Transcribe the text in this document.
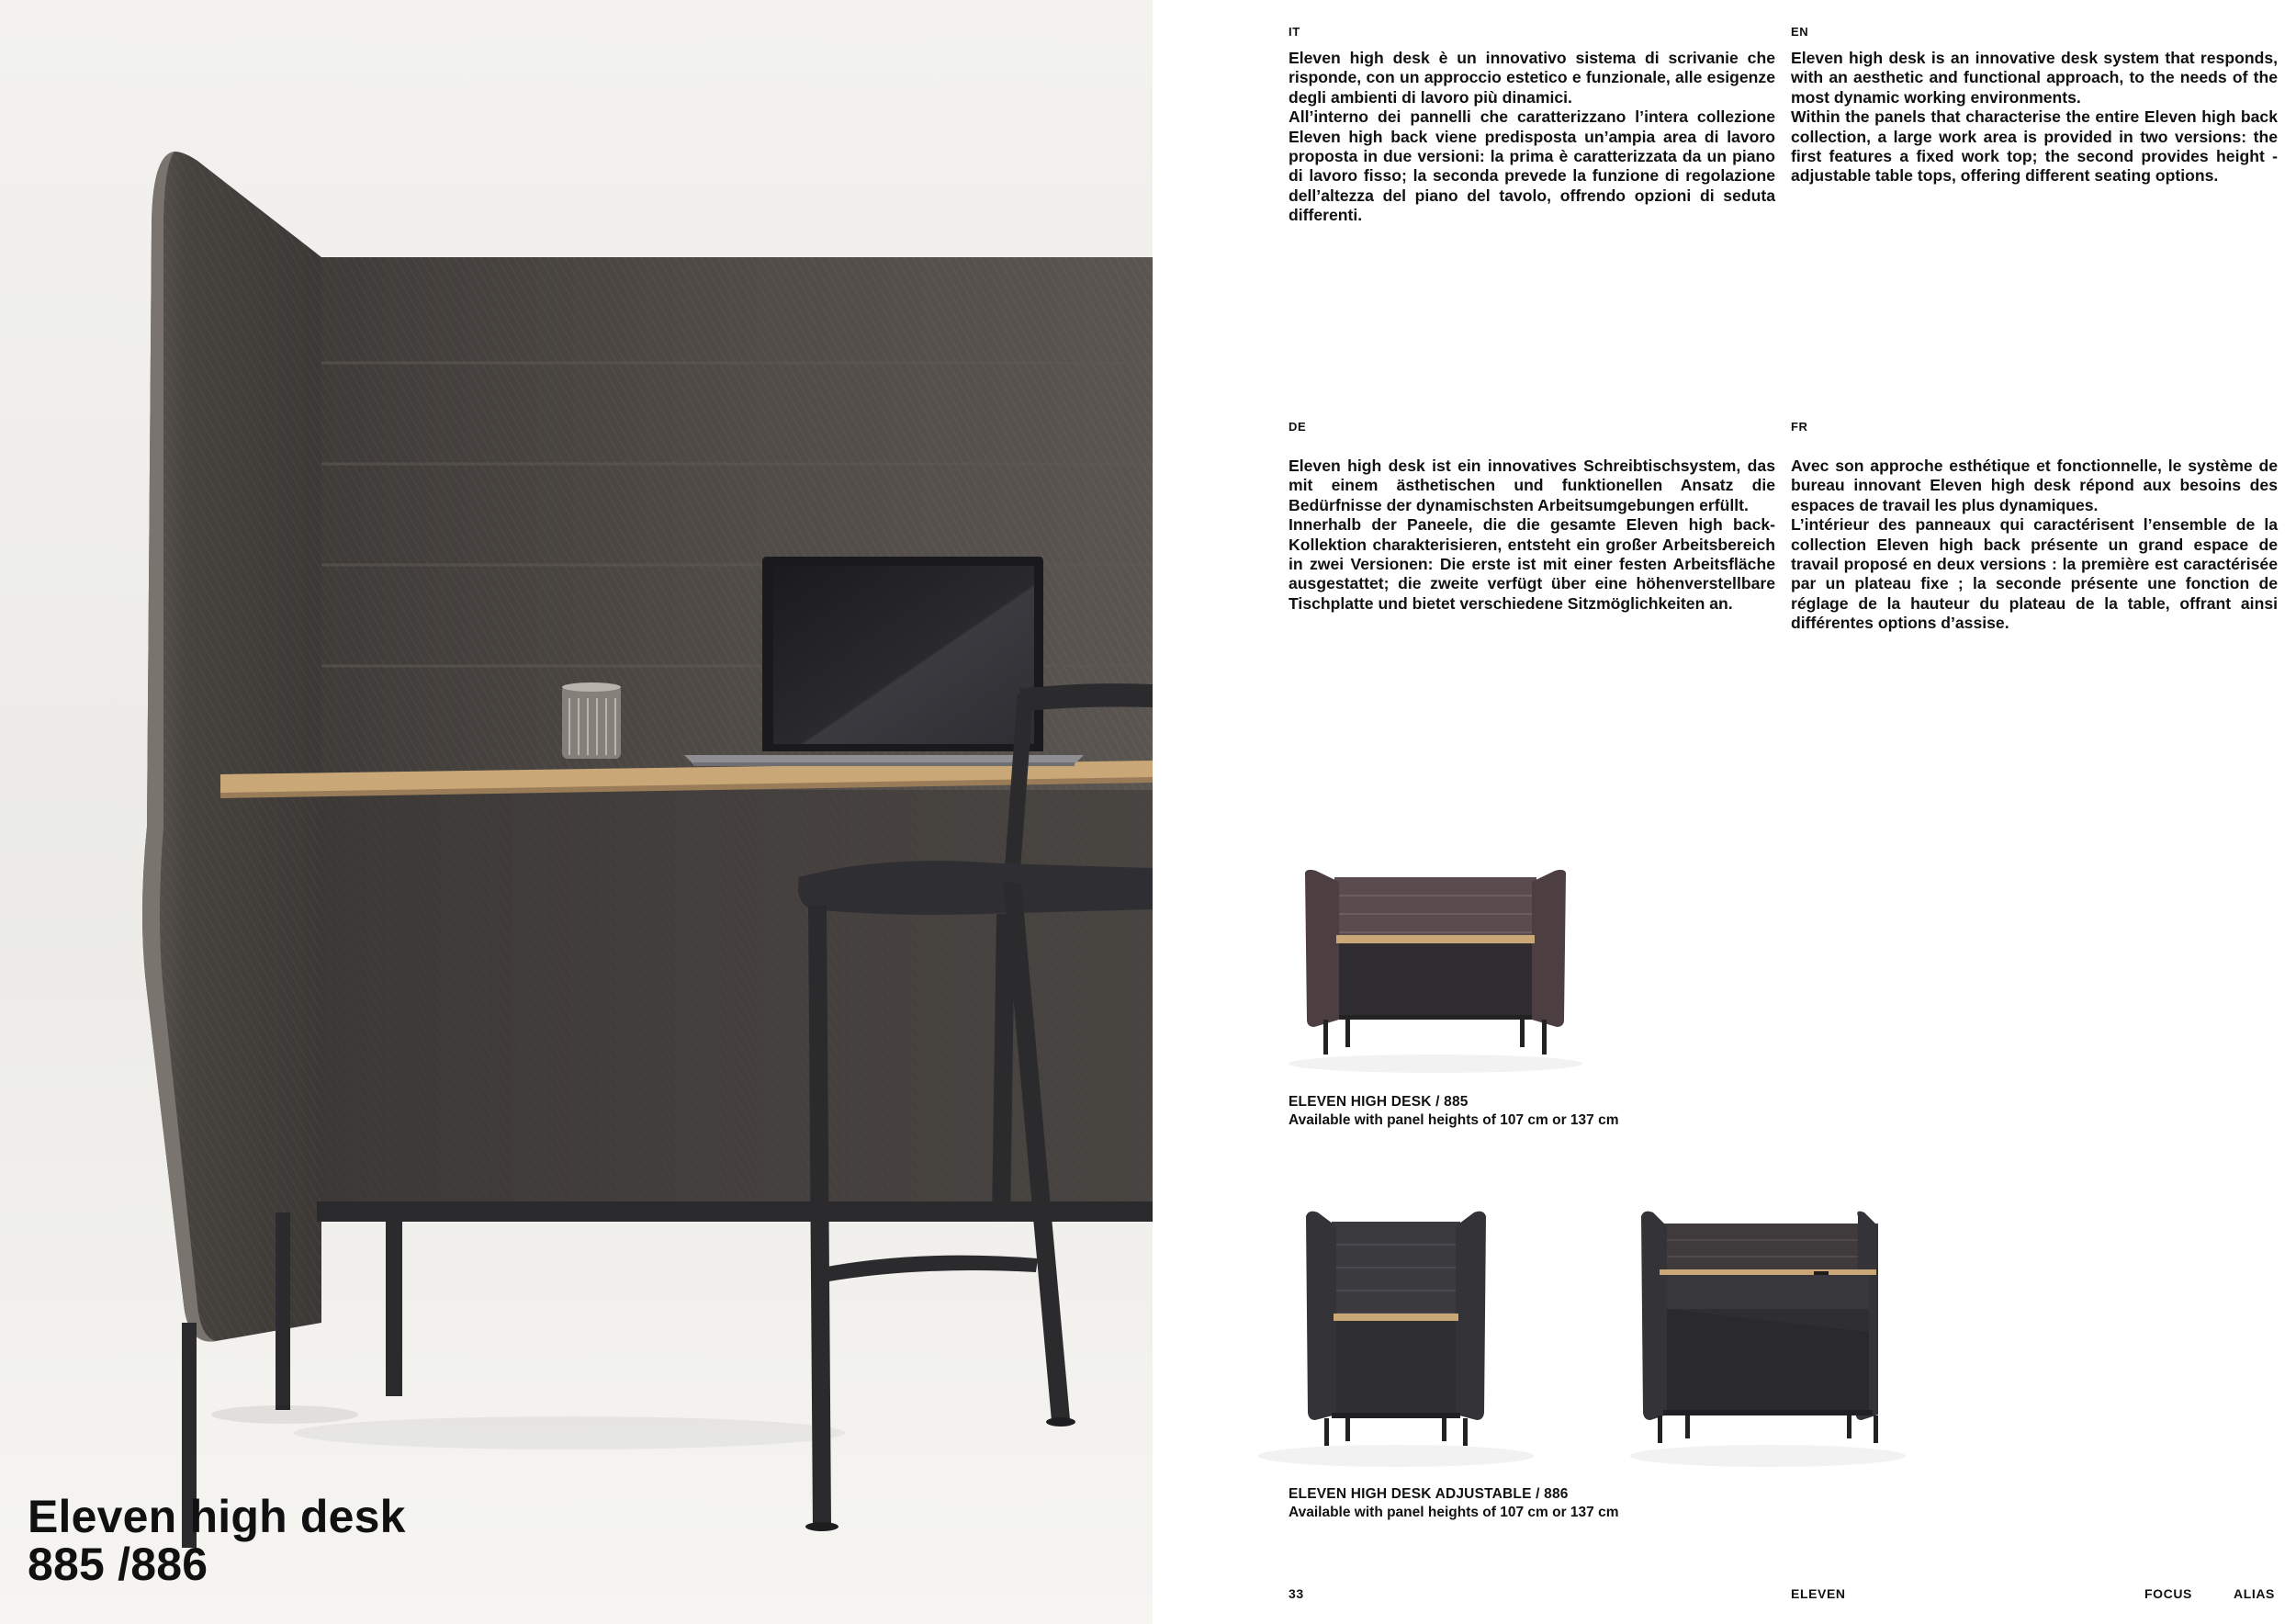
Eleven high desk
885 /886
IT

Eleven high desk è un innovativo sistema di scrivanie che risponde, con un approccio estetico e funzionale, alle esigenze degli ambienti di lavoro più dinamici.

All’interno dei pannelli che caratterizzano l’intera collezione Eleven high back viene predisposta un’ampia area di lavoro proposta in due versioni: la prima è caratterizzata da un piano di lavoro fisso; la seconda prevede la funzione di regolazione dell’altezza del piano del tavolo, offrendo opzioni di seduta differenti.

EN

Eleven high desk is an innovative desk system that responds, with an aesthetic and functional approach, to the needs of the most dynamic working environments.

Within the panels that characterise the entire Eleven high back collection, a large work area is provided in two versions: the first features a fixed work top; the second provides height - adjustable table tops, offering different seating options.

DE

Eleven high desk ist ein innovatives Schreibtischsystem, das mit einem ästhetischen und funktionellen Ansatz die Bedürfnisse der dynamischsten Arbeitsumgebungen erfüllt.

Innerhalb der Paneele, die die gesamte Eleven high back-Kollektion charakterisieren, entsteht ein großer Arbeitsbereich in zwei Versionen: Die erste ist mit einer festen Arbeitsfläche ausgestattet; die zweite verfügt über eine höhenverstellbare Tischplatte und bietet verschiedene Sitzmöglichkeiten an.

FR

Avec son approche esthétique et fonctionnelle, le système de bureau innovant Eleven high desk répond aux besoins des espaces de travail les plus dynamiques.

L’intérieur des panneaux qui caractérisent l’ensemble de la collection Eleven high back présente un grand espace de travail proposé en deux versions : la première est caractérisée par un plateau fixe ; la seconde présente une fonction de réglage de la hauteur du plateau de la table, offrant ainsi différentes options d’assise.

ELEVEN HIGH DESK / 885
Available with panel heights of 107 cm or 137 cm
ELEVEN HIGH DESK ADJUSTABLE / 886
Available with panel heights of 107 cm or 137 cm
33	ELEVEN	FOCUS	ALIAS
